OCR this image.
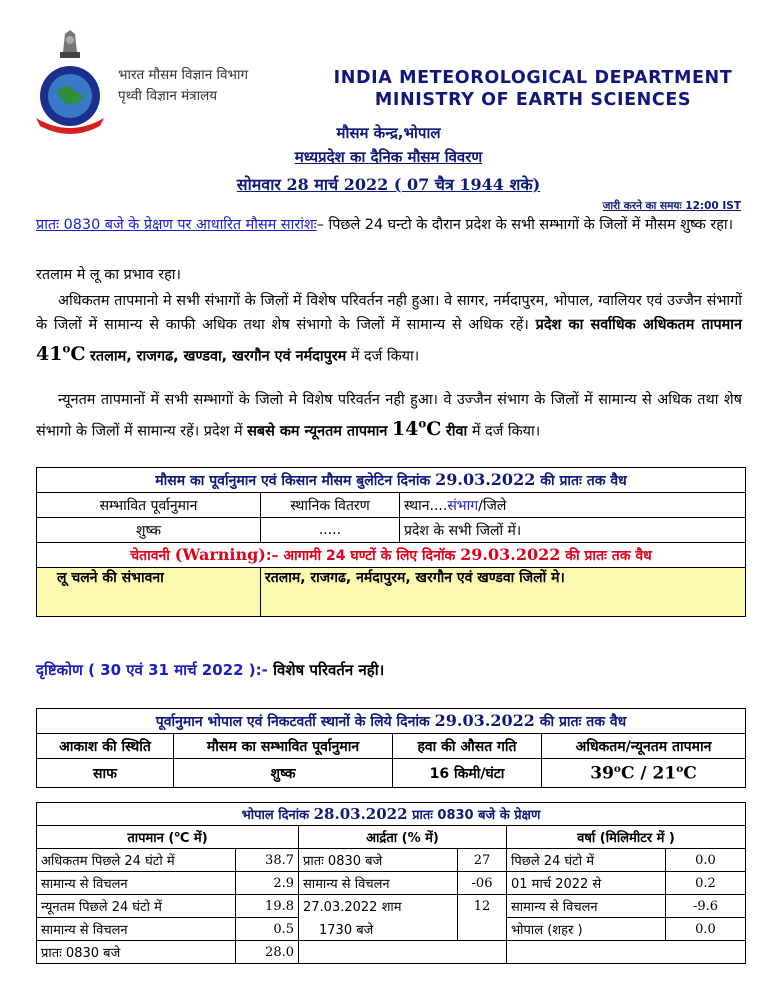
भारत मौसम विज्ञान विभाग
पृथ्वी विज्ञान मंत्रालय
INDIA METEOROLOGICAL DEPARTMENT
MINISTRY OF EARTH SCIENCES
मौसम केन्द्र,भोपाल
मध्यप्रदेश का दैनिक मौसम विवरण
सोमवार 28 मार्च 2022 ( 07 चैत्र 1944 शके)
जारी करने का समयः 12:00 IST
प्रातः 0830 बजे के प्रेक्षण पर आधारित मौसम सारांशः– पिछले 24 घन्टो के दौरान प्रदेश के सभी सम्भागों के जिलों में मौसम शुष्क रहा।
रतलाम मे लू का प्रभाव रहा।
अधिकतम तापमानो मे सभी संभागों के जिलों में विशेष परिवर्तन नही हुआ। वे सागर, नर्मदापुरम, भोपाल, ग्वालियर एवं उज्जैन संभागों के जिलों में सामान्य से काफी अधिक तथा शेष संभागो के जिलों में सामान्य से अधिक रहें। प्रदेश का सर्वाधिक अधिकतम तापमान 41$^o$C रतलाम, राजगढ, खण्डवा, खरगौन एवं नर्मदापुरम में दर्ज किया।
न्यूनतम तापमानों में सभी सम्भागों के जिलो मे विशेष परिवर्तन नही हुआ। वे उज्जैन संभाग के जिलों में सामान्य से अधिक तथा शेष संभागो के जिलों में सामान्य रहें। प्रदेश में सबसे कम न्यूनतम तापमान 14$^o$C रीवा में दर्ज किया।
मौसम का पूर्वानुमान एवं किसान मौसम बुलेटिन दिनांक 29.03.2022 की प्रातः तक वैध		
सम्भावित पूर्वानुमान	स्थानिक वितरण	स्थान....संभाग/जिले
शुष्क	.....	प्रदेश के सभी जिलों में।
चेतावनी (Warning):– आगामी 24 घण्टों के लिए दिनॉक 29.03.2022 की प्रातः तक वैध		
लू चलने की संभावना	रतलाम, राजगढ, नर्मदापुरम, खरगौन एवं खण्डवा जिलों मे।	
दृष्टिकोण ( 30 एवं 31 मार्च 2022 ):- विशेष परिवर्तन नही।
पूर्वानुमान भोपाल एवं निकटवर्ती स्थानों के लिये दिनांक 29.03.2022 की प्रातः तक वैध			
आकाश की स्थिति	मौसम का सम्भावित पूर्वानुमान	हवा की औसत गति	अधिकतम/न्यूनतम तापमान
साफ	शुष्क	16 किमी/घंटा	39$^o$C / 21$^o$C
भोपाल दिनांक 28.03.2022 प्रातः 0830 बजे के प्रेक्षण					
तापमान ($^o$C में)		आर्द्रता (% में)		वर्षा (मिलिमीटर में )	
अधिकतम पिछले 24 घंटो में	38.7	प्रातः 0830 बजे	27	पिछले 24 घंटो में	0.0
सामान्य से विचलन	2.9	सामान्य से विचलन	-06	01 मार्च 2022 से	0.2
न्यूनतम पिछले 24 घंटो में	19.8	27.03.2022 शाम	12	सामान्य से विचलन	-9.6
सामान्य से विचलन	0.5	1730 बजे		भोपाल (शहर )	0.0
प्रातः 0830 बजे	28.0				
